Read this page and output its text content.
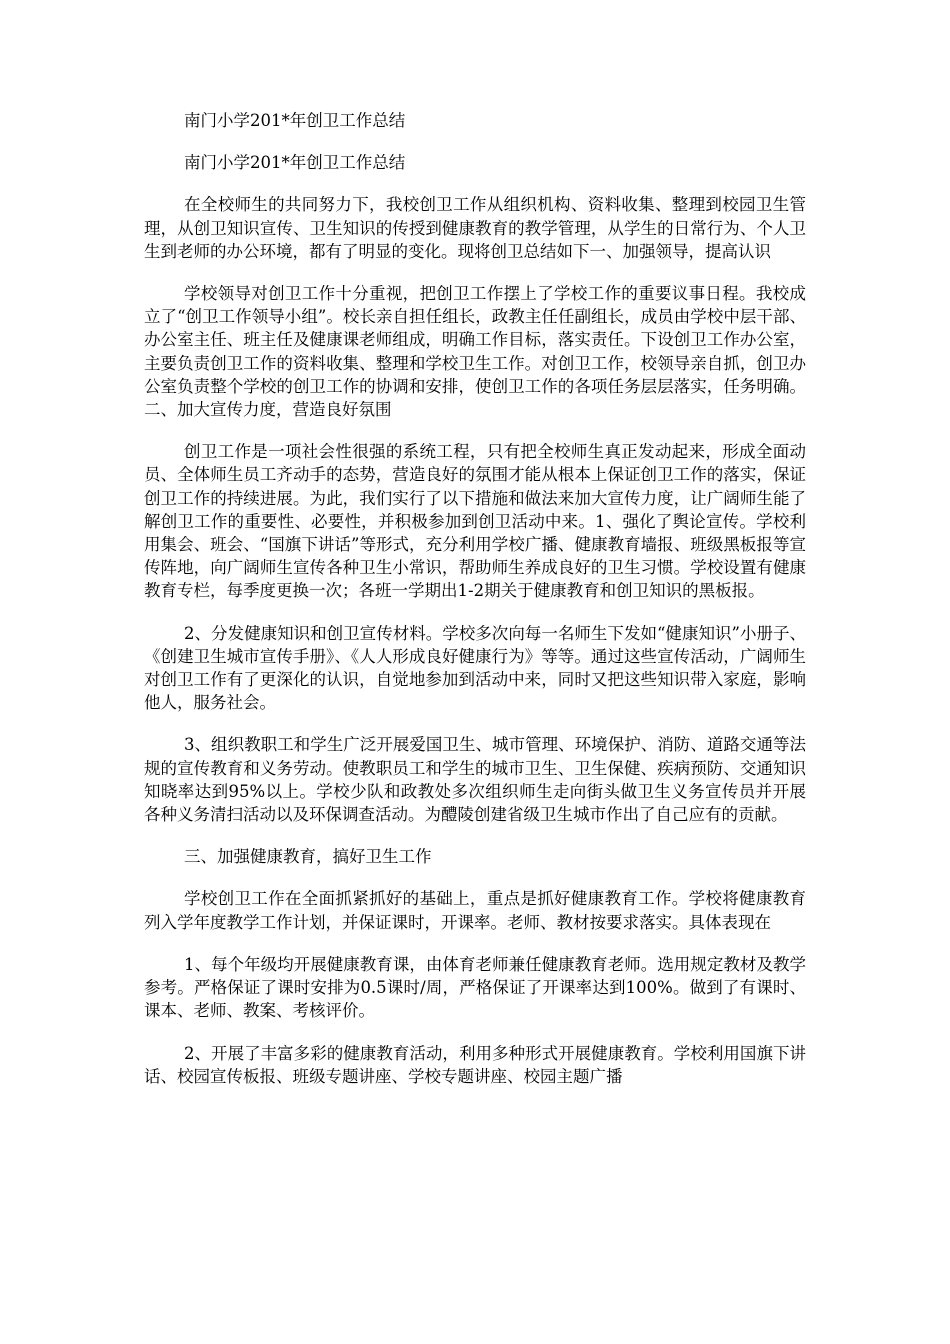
南门小学201*年创卫工作总结

南门小学201*年创卫工作总结

在全校师生的共同努力下，我校创卫工作从组织机构、资料收集、整理到校园卫生管理，从创卫知识宣传、卫生知识的传授到健康教育的教学管理，从学生的日常行为、个人卫生到老师的办公环境，都有了明显的变化。现将创卫总结如下一、加强领导，提高认识

学校领导对创卫工作十分重视，把创卫工作摆上了学校工作的重要议事日程。我校成立了“创卫工作领导小组”。校长亲自担任组长，政教主任任副组长，成员由学校中层干部、办公室主任、班主任及健康课老师组成，明确工作目标，落实责任。下设创卫工作办公室，主要负责创卫工作的资料收集、整理和学校卫生工作。对创卫工作，校领导亲自抓，创卫办公室负责整个学校的创卫工作的协调和安排，使创卫工作的各项任务层层落实，任务明确。二、加大宣传力度，营造良好氛围

创卫工作是一项社会性很强的系统工程，只有把全校师生真正发动起来，形成全面动员、全体师生员工齐动手的态势，营造良好的氛围才能从根本上保证创卫工作的落实，保证创卫工作的持续进展。为此，我们实行了以下措施和做法来加大宣传力度，让广阔师生能了解创卫工作的重要性、必要性，并积极参加到创卫活动中来。1、强化了舆论宣传。学校利用集会、班会、“国旗下讲话”等形式，充分利用学校广播、健康教育墙报、班级黑板报等宣传阵地，向广阔师生宣传各种卫生小常识，帮助师生养成良好的卫生习惯。学校设置有健康教育专栏，每季度更换一次；各班一学期出1-2期关于健康教育和创卫知识的黑板报。

2、分发健康知识和创卫宣传材料。学校多次向每一名师生下发如“健康知识”小册子、《创建卫生城市宣传手册》、《人人形成良好健康行为》等等。通过这些宣传活动，广阔师生对创卫工作有了更深化的认识，自觉地参加到活动中来，同时又把这些知识带入家庭，影响他人，服务社会。

3、组织教职工和学生广泛开展爱国卫生、城市管理、环境保护、消防、道路交通等法规的宣传教育和义务劳动。使教职员工和学生的城市卫生、卫生保健、疾病预防、交通知识知晓率达到95%以上。学校少队和政教处多次组织师生走向街头做卫生义务宣传员并开展各种义务清扫活动以及环保调查活动。为醴陵创建省级卫生城市作出了自己应有的贡献。

三、加强健康教育，搞好卫生工作

学校创卫工作在全面抓紧抓好的基础上，重点是抓好健康教育工作。学校将健康教育列入学年度教学工作计划，并保证课时，开课率。老师、教材按要求落实。具体表现在

1、每个年级均开展健康教育课，由体育老师兼任健康教育老师。选用规定教材及教学参考。严格保证了课时安排为0.5课时/周，严格保证了开课率达到100%。做到了有课时、课本、老师、教案、考核评价。

2、开展了丰富多彩的健康教育活动，利用多种形式开展健康教育。学校利用国旗下讲话、校园宣传板报、班级专题讲座、学校专题讲座、校园主题广播
